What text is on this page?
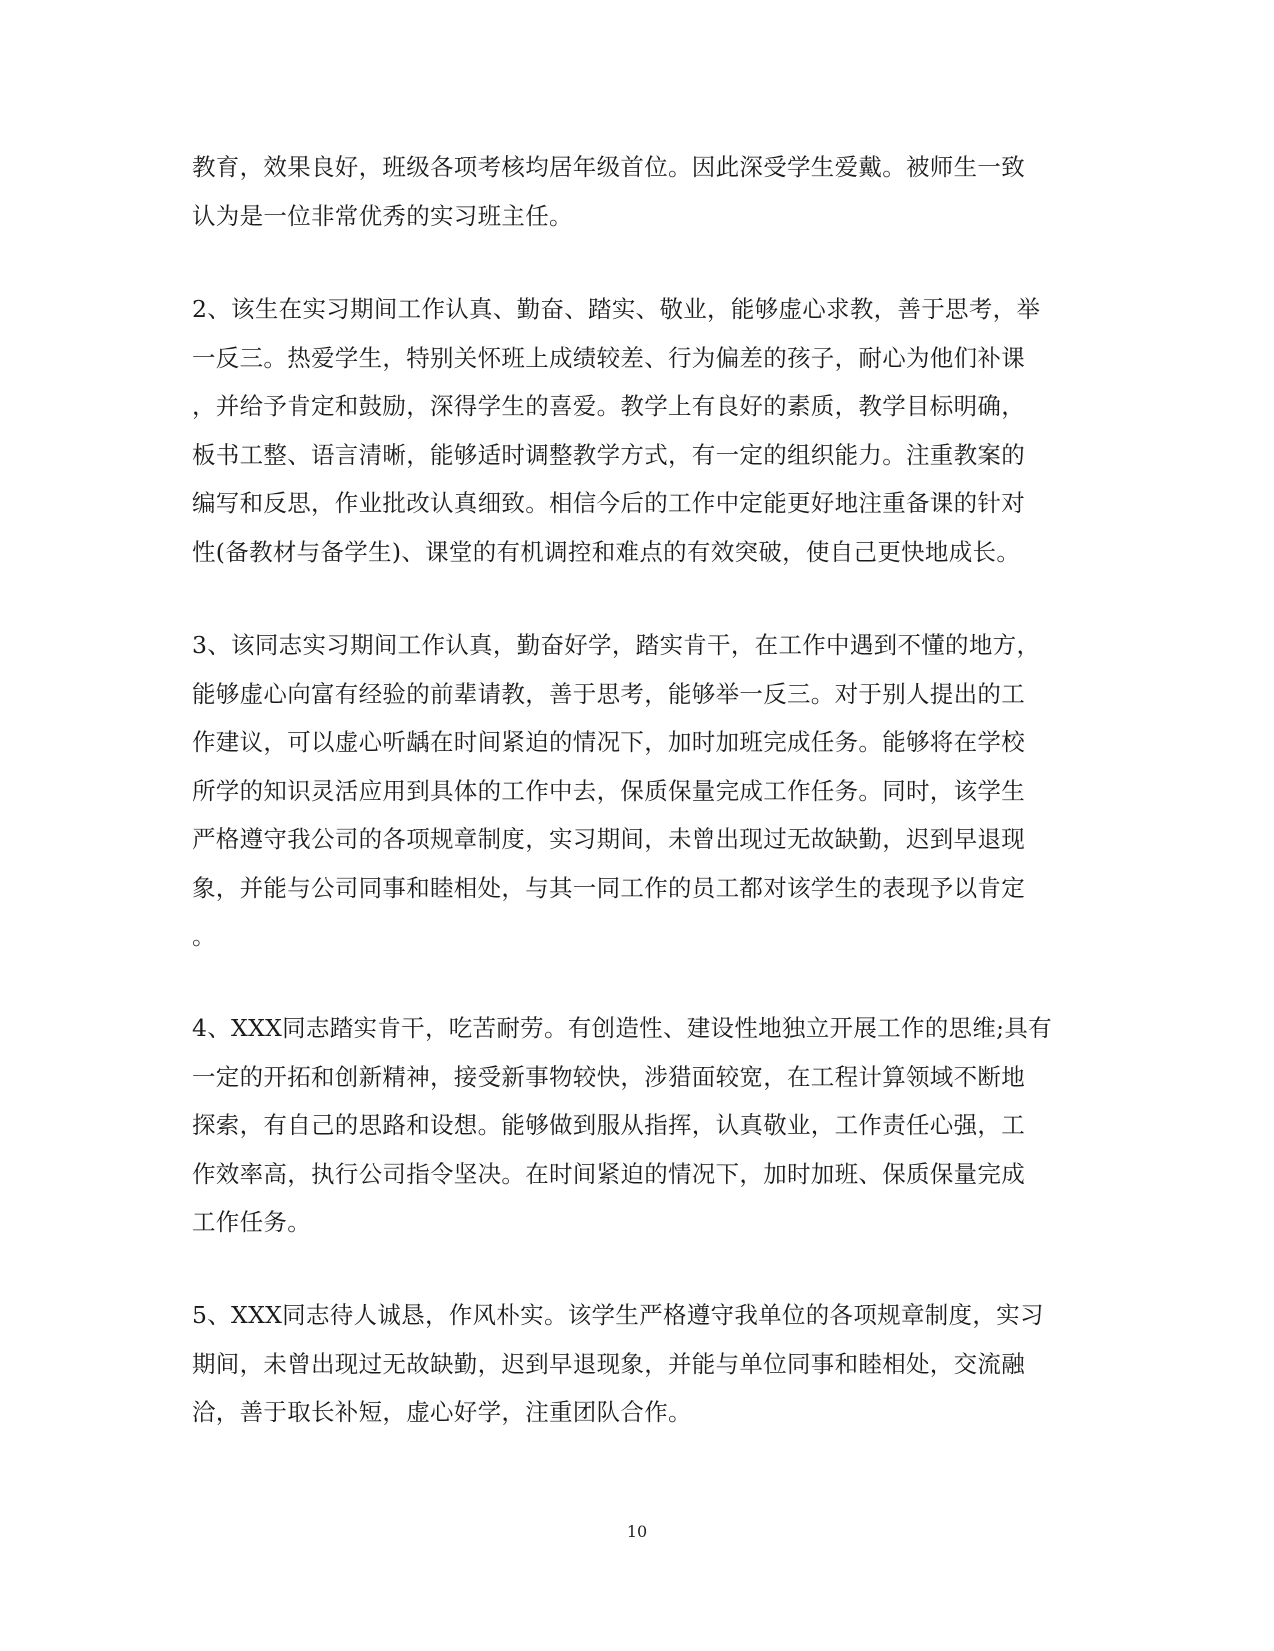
教育，效果良好，班级各项考核均居年级首位。因此深受学生爱戴。被师生一致
认为是一位非常优秀的实习班主任。
2、该生在实习期间工作认真、勤奋、踏实、敬业，能够虚心求教，善于思考，举
一反三。热爱学生，特别关怀班上成绩较差、行为偏差的孩子，耐心为他们补课
，并给予肯定和鼓励，深得学生的喜爱。教学上有良好的素质，教学目标明确，
板书工整、语言清晰，能够适时调整教学方式，有一定的组织能力。注重教案的
编写和反思，作业批改认真细致。相信今后的工作中定能更好地注重备课的针对
性(备教材与备学生)、课堂的有机调控和难点的有效突破，使自己更快地成长。
3、该同志实习期间工作认真，勤奋好学，踏实肯干，在工作中遇到不懂的地方，
能够虚心向富有经验的前辈请教，善于思考，能够举一反三。对于别人提出的工
作建议，可以虚心听龋在时间紧迫的情况下，加时加班完成任务。能够将在学校
所学的知识灵活应用到具体的工作中去，保质保量完成工作任务。同时，该学生
严格遵守我公司的各项规章制度，实习期间，未曾出现过无故缺勤，迟到早退现
象，并能与公司同事和睦相处，与其一同工作的员工都对该学生的表现予以肯定
。
4、XXX同志踏实肯干，吃苦耐劳。有创造性、建设性地独立开展工作的思维;具有
一定的开拓和创新精神，接受新事物较快，涉猎面较宽，在工程计算领域不断地
探索，有自己的思路和设想。能够做到服从指挥，认真敬业，工作责任心强，工
作效率高，执行公司指令坚决。在时间紧迫的情况下，加时加班、保质保量完成
工作任务。
5、XXX同志待人诚恳，作风朴实。该学生严格遵守我单位的各项规章制度，实习
期间，未曾出现过无故缺勤，迟到早退现象，并能与单位同事和睦相处，交流融
洽，善于取长补短，虚心好学，注重团队合作。
10
